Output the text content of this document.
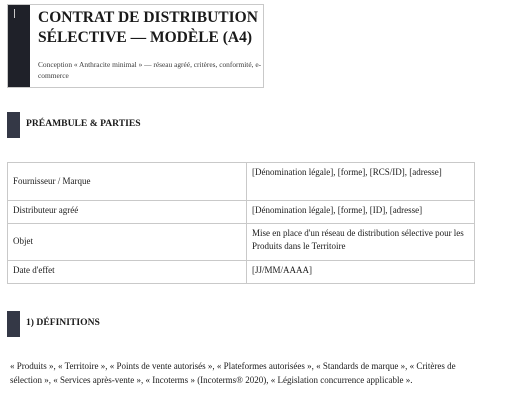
CONTRAT DE DISTRIBUTION SÉLECTIVE — MODÈLE (A4)
Conception « Anthracite minimal » — réseau agréé, critères, conformité, e-commerce
PRÉAMBULE & PARTIES
Fournisseur / Marque	[Dénomination légale], [forme], [RCS/ID], [adresse]
Distributeur agréé	[Dénomination légale], [forme], [ID], [adresse]
Objet	Mise en place d'un réseau de distribution sélective pour les Produits dans le Territoire
Date d'effet	[JJ/MM/AAAA]
1) DÉFINITIONS
« Produits », « Territoire », « Points de vente autorisés », « Plateformes autorisées », « Standards de marque », « Critères de sélection », « Services après-vente », « Incoterms » (Incoterms® 2020), « Législation concurrence applicable ».
